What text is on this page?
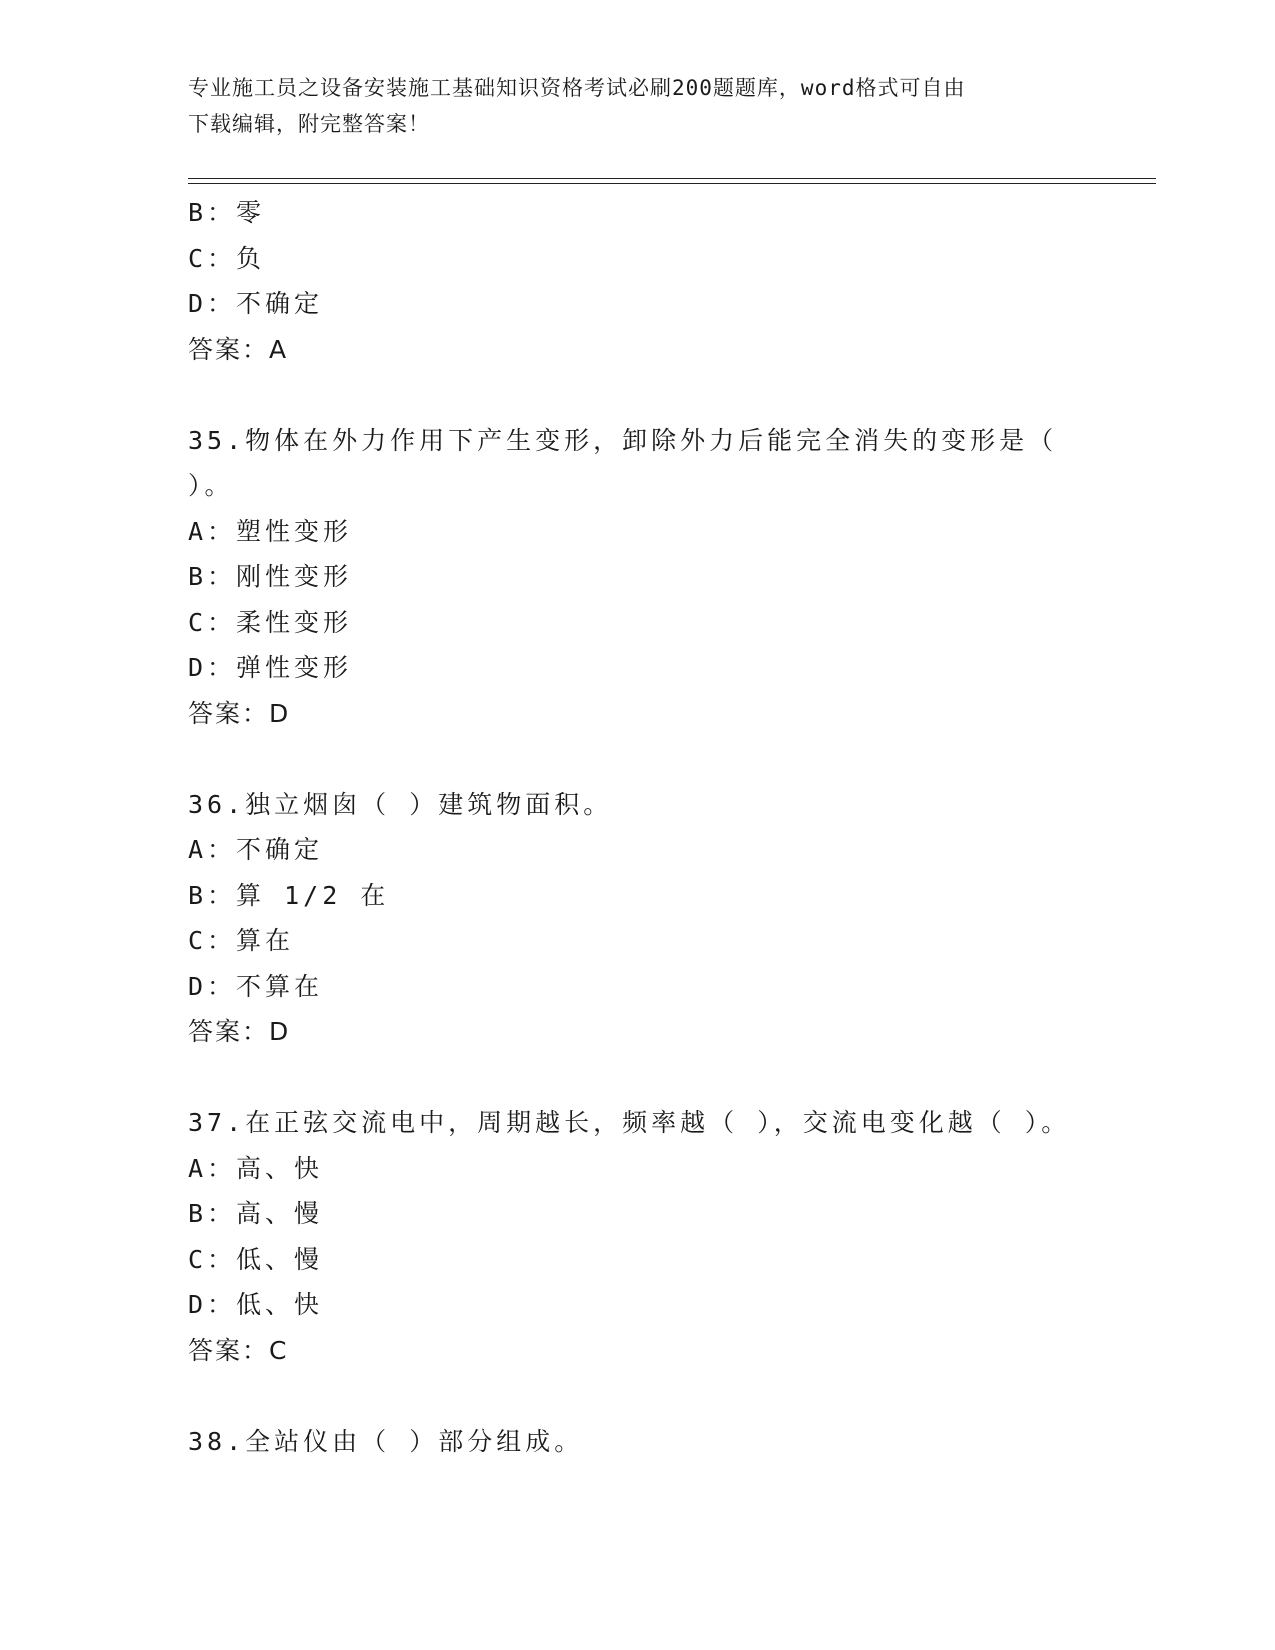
专业施工员之设备安装施工基础知识资格考试必刷200题题库，word格式可自由
下载编辑，附完整答案！
B：零
C：负
D：不确定
答案：A
35.物体在外力作用下产生变形，卸除外力后能完全消失的变形是（
）。
A：塑性变形
B：刚性变形
C：柔性变形
D：弹性变形
答案：D
36.独立烟囱（ ）建筑物面积。
A：不确定
B：算 1/2 在
C：算在
D：不算在
答案：D
37.在正弦交流电中，周期越长，频率越（ ），交流电变化越（ ）。
A：高、快
B：高、慢
C：低、慢
D：低、快
答案：C
38.全站仪由（ ）部分组成。
